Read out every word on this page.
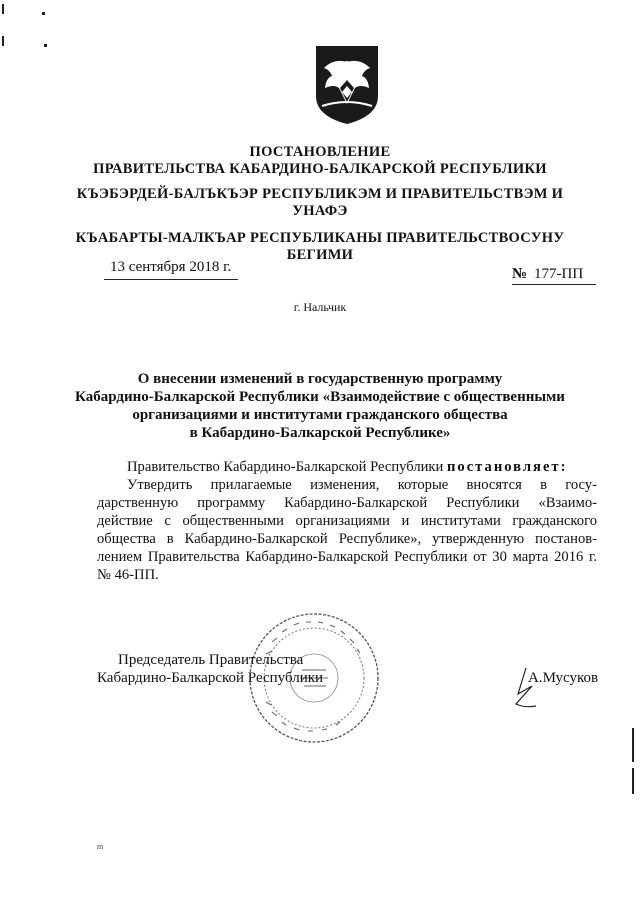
ПОСТАНОВЛЕНИЕ
ПРАВИТЕЛЬСТВА КАБАРДИНО-БАЛКАРСКОЙ РЕСПУБЛИКИ
КЪЭБЭРДЕЙ-БАЛЪКЪЭР РЕСПУБЛИКЭМ И ПРАВИТЕЛЬСТВЭМ И
УНАФЭ
КЪАБАРТЫ-МАЛКЪАР РЕСПУБЛИКАНЫ ПРАВИТЕЛЬСТВОСУНУ
БЕГИМИ
13 сентября 2018 г.	№ 177-ПП
г. Нальчик
О внесении изменений в государственную программу
Кабардино-Балкарской Республики «Взаимодействие с общественными
организациями и институтами гражданского общества
в Кабардино-Балкарской Республике»
Правительство Кабардино-Балкарской Республики постановляет:
Утвердить прилагаемые изменения, которые вносятся в госу-
дарственную программу Кабардино-Балкарской Республики «Взаимо-
действие с общественными организациями и институтами гражданского
общества в Кабардино-Балкарской Республике», утвержденную постанов-
лением Правительства Кабардино-Балкарской Республики от 30 марта 2016 г.
№ 46-ПП.
Председатель Правительства
Кабардино-Балкарской Республики	А.Мусуков
m
